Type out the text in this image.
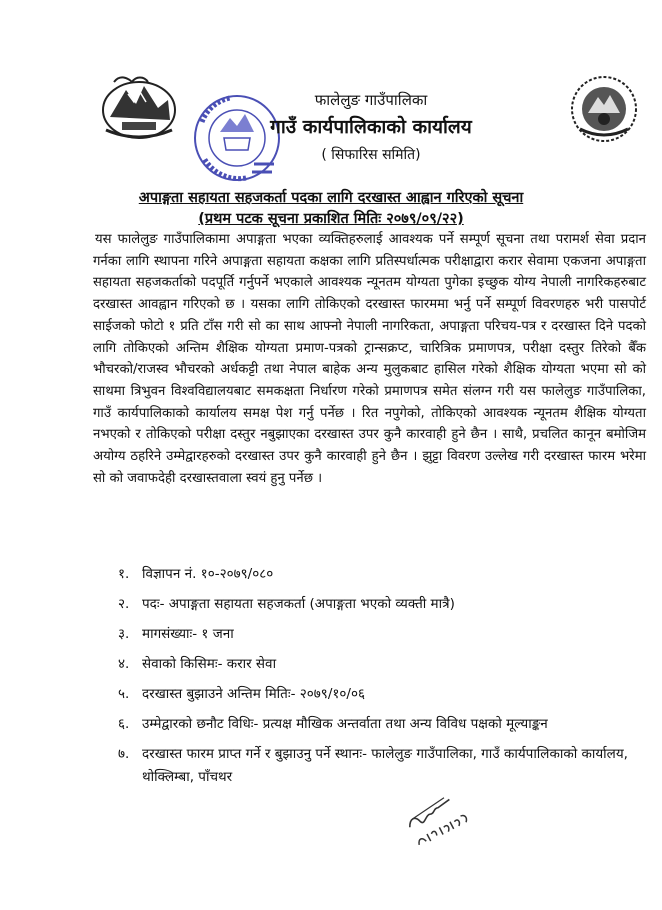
फालेलुङ गाउँपालिका
गाउँ कार्यपालिकाको कार्यालय
( सिफारिस समिति)
अपाङ्गता सहायता सहजकर्ता पदका लागि दरखास्त आह्वान गरिएको सूचना
(प्रथम पटक सूचना प्रकाशित मितिः २०७९/०९/२२)
यस फालेलुङ गाउँपालिकामा अपाङ्गता भएका व्यक्तिहरुलाई आवश्यक पर्ने सम्पूर्ण सूचना तथा परामर्श सेवा प्रदान गर्नका लागि स्थापना गरिने अपाङ्गता सहायता कक्षका लागि प्रतिस्पर्धात्मक परीक्षाद्वारा करार सेवामा एकजना अपाङ्गता सहायता सहजकर्ताको पदपूर्ति गर्नुपर्ने भएकाले आवश्यक न्यूनतम योग्यता पुगेका इच्छुक योग्य नेपाली नागरिकहरुबाट दरखास्त आवह्वान गरिएको छ । यसका लागि तोकिएको दरखास्त फारममा भर्नु पर्ने सम्पूर्ण विवरणहरु भरी पासपोर्ट साईजको फोटो १ प्रति टाँस गरी सो का साथ आफ्नो नेपाली नागरिकता, अपाङ्गता परिचय-पत्र र दरखास्त दिने पदको लागि तोकिएको अन्तिम शैक्षिक योग्यता प्रमाण-पत्रको ट्रान्सक्रप्ट, चारित्रिक प्रमाणपत्र, परीक्षा दस्तुर तिरेको बैँक भौचरको/राजस्व भौचरको अर्धकट्टी तथा नेपाल बाहेक अन्य मुलुकबाट हासिल गरेको शैक्षिक योग्यता भएमा सो को साथमा त्रिभुवन विश्वविद्यालयबाट समकक्षता निर्धारण गरेको प्रमाणपत्र समेत संलग्न गरी यस फालेलुङ गाउँपालिका, गाउँ कार्यपालिकाको कार्यालय समक्ष पेश गर्नु पर्नेछ । रित नपुगेको, तोकिएको आवश्यक न्यूनतम शैक्षिक योग्यता नभएको र तोकिएको परीक्षा दस्तुर नबुझाएका दरखास्त उपर कुनै कारवाही हुने छैन । साथै, प्रचलित कानून बमोजिम अयोग्य ठहरिने उम्मेद्वारहरुको दरखास्त उपर कुनै कारवाही हुने छैन । झुट्टा विवरण उल्लेख गरी दरखास्त फारम भरेमा सो को जवाफदेही दरखास्तवाला स्वयं हुनु पर्नेछ ।
१. विज्ञापन नं. १०-२०७९/०८०
२. पदः- अपाङ्गता सहायता सहजकर्ता (अपाङ्गता भएको व्यक्ती मात्रै)
३. मागसंख्याः- १ जना
४. सेवाको किसिमः- करार सेवा
५. दरखास्त बुझाउने अन्तिम मितिः- २०७९/१०/०६
६. उम्मेद्वारको छनौट विधिः- प्रत्यक्ष मौखिक अन्तर्वाता तथा अन्य विविध पक्षको मूल्याङ्कन
७. दरखास्त फारम प्राप्त गर्ने र बुझाउनु पर्ने स्थानः- फालेलुङ गाउँपालिका, गाउँ कार्यपालिकाको कार्यालय,
थोक्लिम्बा, पाँचथर
